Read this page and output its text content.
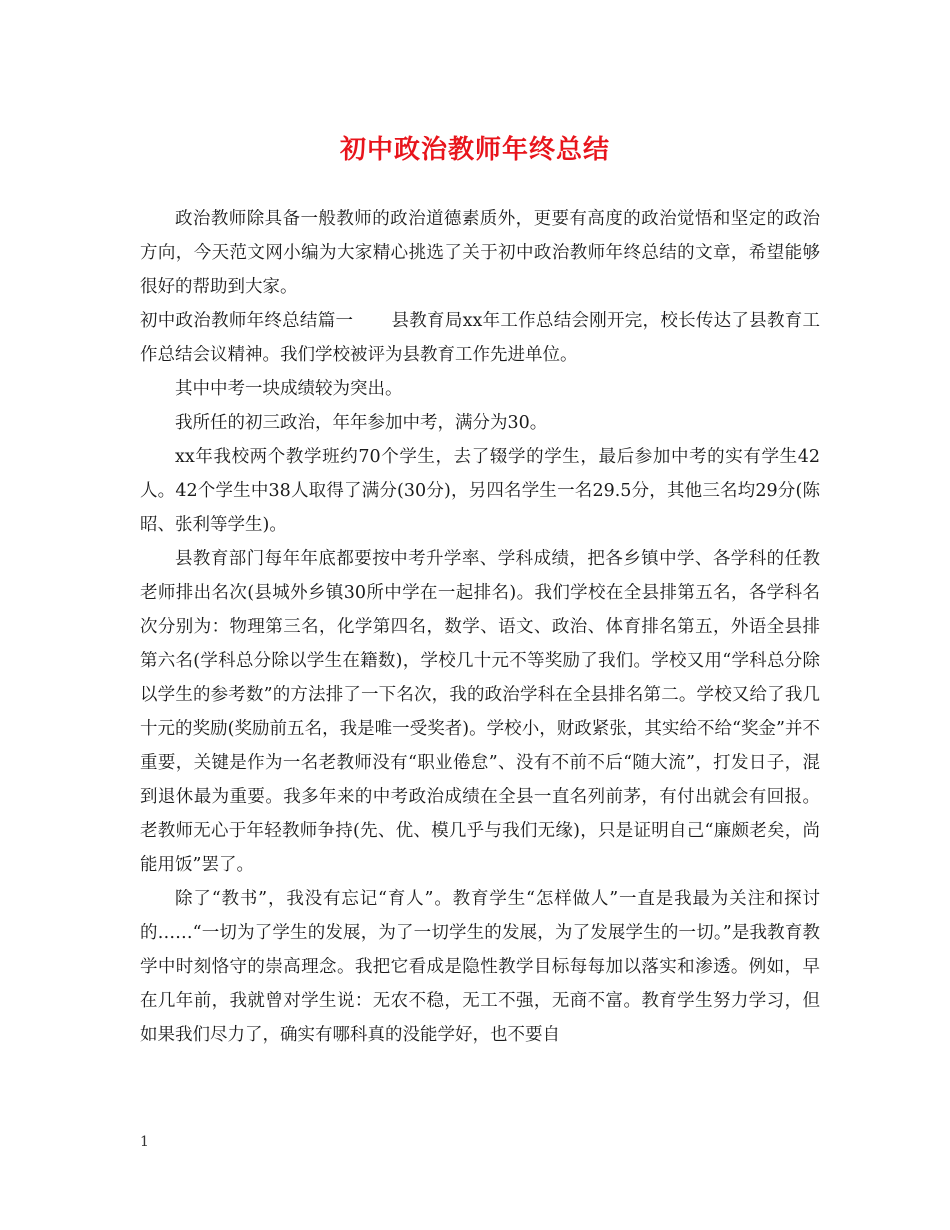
初中政治教师年终总结

政治教师除具备一般教师的政治道德素质外，更要有高度的政治觉悟和坚定的政治方向，今天范文网小编为大家精心挑选了关于初中政治教师年终总结的文章，希望能够很好的帮助到大家。

初中政治教师年终总结篇一 县教育局xx年工作总结会刚开完，校长传达了县教育工作总结会议精神。我们学校被评为县教育工作先进单位。

其中中考一块成绩较为突出。

我所任的初三政治，年年参加中考，满分为30。

xx年我校两个教学班约70个学生，去了辍学的学生，最后参加中考的实有学生42人。42个学生中38人取得了满分(30分)，另四名学生一名29.5分，其他三名均29分(陈昭、张利等学生)。

县教育部门每年年底都要按中考升学率、学科成绩，把各乡镇中学、各学科的任教老师排出名次(县城外乡镇30所中学在一起排名)。我们学校在全县排第五名，各学科名次分别为：物理第三名，化学第四名，数学、语文、政治、体育排名第五，外语全县排第六名(学科总分除以学生在籍数)，学校几十元不等奖励了我们。学校又用“学科总分除以学生的参考数”的方法排了一下名次，我的政治学科在全县排名第二。学校又给了我几十元的奖励(奖励前五名，我是唯一受奖者)。学校小，财政紧张，其实给不给“奖金”并不重要，关键是作为一名老教师没有“职业倦怠”、没有不前不后“随大流”，打发日子，混到退休最为重要。我多年来的中考政治成绩在全县一直名列前茅，有付出就会有回报。老教师无心于年轻教师争持(先、优、模几乎与我们无缘)，只是证明自己“廉颇老矣，尚能用饭”罢了。

除了“教书”，我没有忘记“育人”。教育学生“怎样做人”一直是我最为关注和探讨的……“一切为了学生的发展，为了一切学生的发展，为了发展学生的一切。”是我教育教学中时刻恪守的崇高理念。我把它看成是隐性教学目标每每加以落实和渗透。例如，早在几年前，我就曾对学生说：无农不稳，无工不强，无商不富。教育学生努力学习，但如果我们尽力了，确实有哪科真的没能学好，也不要自

1
